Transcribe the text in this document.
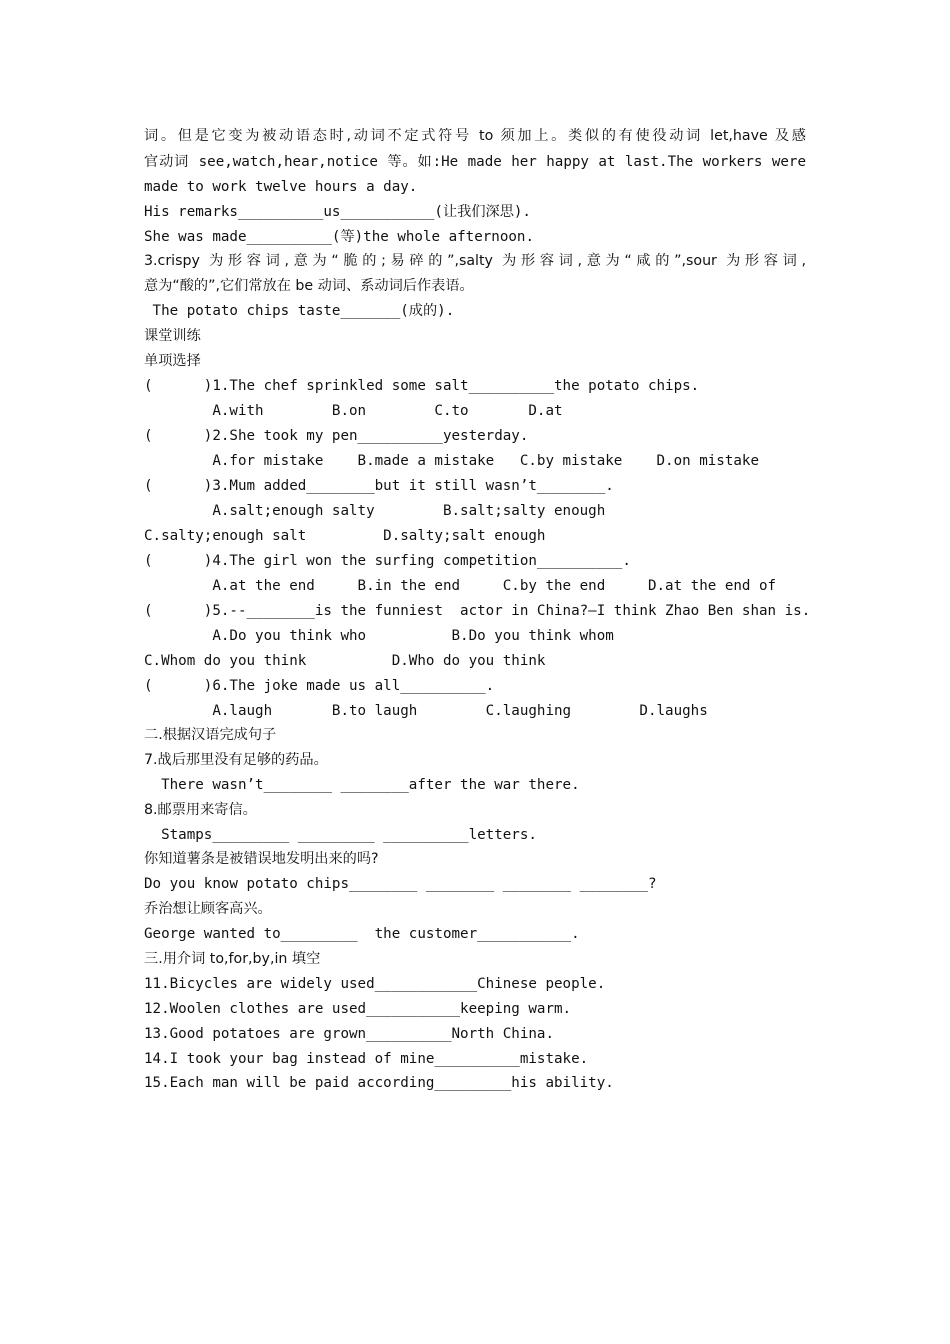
词。但是它变为被动语态时,动词不定式符号 to 须加上。类似的有使役动词 let,have 及感
官动词 see,watch,hear,notice 等。如:He made her happy at last.The workers were
made to work twelve hours a day.
His remarks__________us___________(让我们深思).
She was made__________(等)the whole afternoon.
3.crispy 为形容词,意为“脆的;易碎的”,salty 为形容词,意为“咸的”,sour 为形容词,
意为“酸的”,它们常放在 be 动词、系动词后作表语。
The potato chips taste_______(成的).
课堂训练
单项选择
(      )1.The chef sprinkled some salt__________the potato chips.
A.with        B.on        C.to       D.at
(      )2.She took my pen__________yesterday.
A.for mistake    B.made a mistake   C.by mistake    D.on mistake
(      )3.Mum added________but it still wasn’t________.
A.salt;enough salty        B.salt;salty enough
C.salty;enough salt         D.salty;salt enough
(      )4.The girl won the surfing competition__________.
A.at the end     B.in the end     C.by the end     D.at the end of
(      )5.--________is the funniest  actor in China?—I think Zhao Ben shan is.
A.Do you think who          B.Do you think whom
C.Whom do you think          D.Who do you think
(      )6.The joke made us all__________.
A.laugh       B.to laugh        C.laughing        D.laughs
二.根据汉语完成句子
7.战后那里没有足够的药品。
There wasn’t________ ________after the war there.
8.邮票用来寄信。
Stamps_________ _________ __________letters.
你知道薯条是被错误地发明出来的吗?
Do you know potato chips________ ________ ________ ________?
乔治想让顾客高兴。
George wanted to_________  the customer___________.
三.用介词 to,for,by,in 填空
11.Bicycles are widely used____________Chinese people.
12.Woolen clothes are used___________keeping warm.
13.Good potatoes are grown__________North China.
14.I took your bag instead of mine__________mistake.
15.Each man will be paid according_________his ability.
